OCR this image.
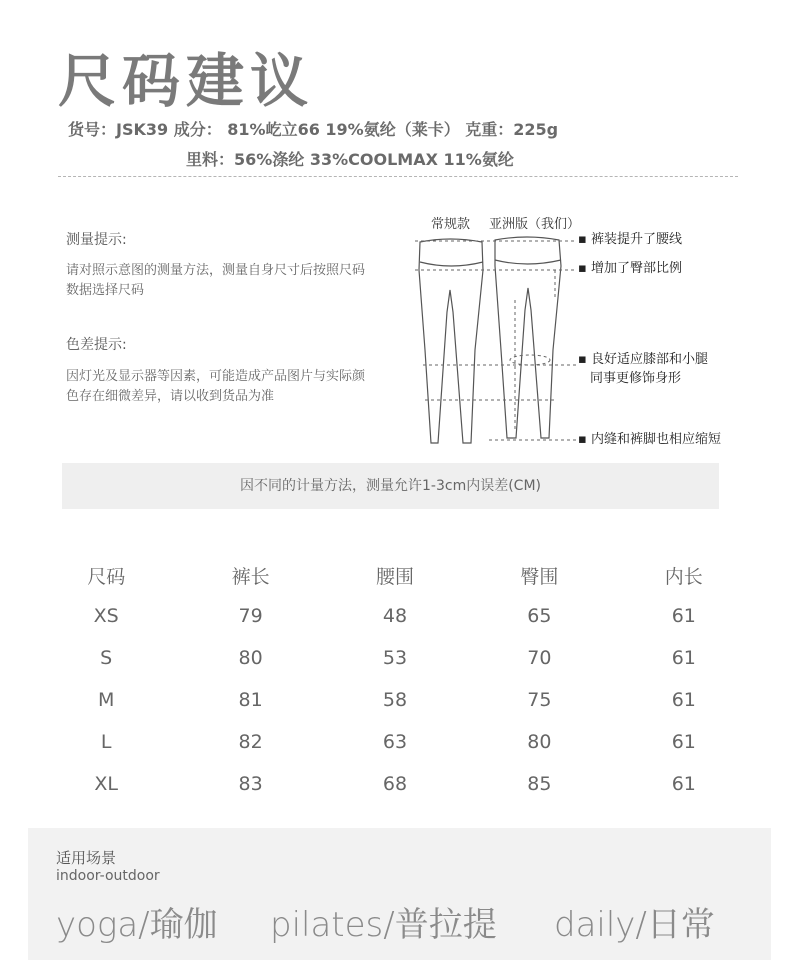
尺码建议
货号：JSK39 成分： 81%屹立66 19%氨纶（莱卡） 克重：225g
里料：56%涤纶 33%COOLMAX 11%氨纶
测量提示:
请对照示意图的测量方法，测量自身尺寸后按照尺码数据选择尺码
色差提示:
因灯光及显示器等因素，可能造成产品图片与实际颜色存在细微差异，请以收到货品为准
常规款 亚洲版（我们）
▪ 裤装提升了腰线
▪ 增加了臀部比例
▪ 良好适应膝部和小腿
同事更修饰身形
▪ 内缝和裤脚也相应缩短
因不同的计量方法，测量允许1-3cm内误差(CM)
尺码	裤长	腰围	臀围	内长
XS	79	48	65	61
S	80	53	70	61
M	81	58	75	61
L	82	63	80	61
XL	83	68	85	61
适用场景
indoor-outdoor
yoga/瑜伽 pilates/普拉提 daily/日常
